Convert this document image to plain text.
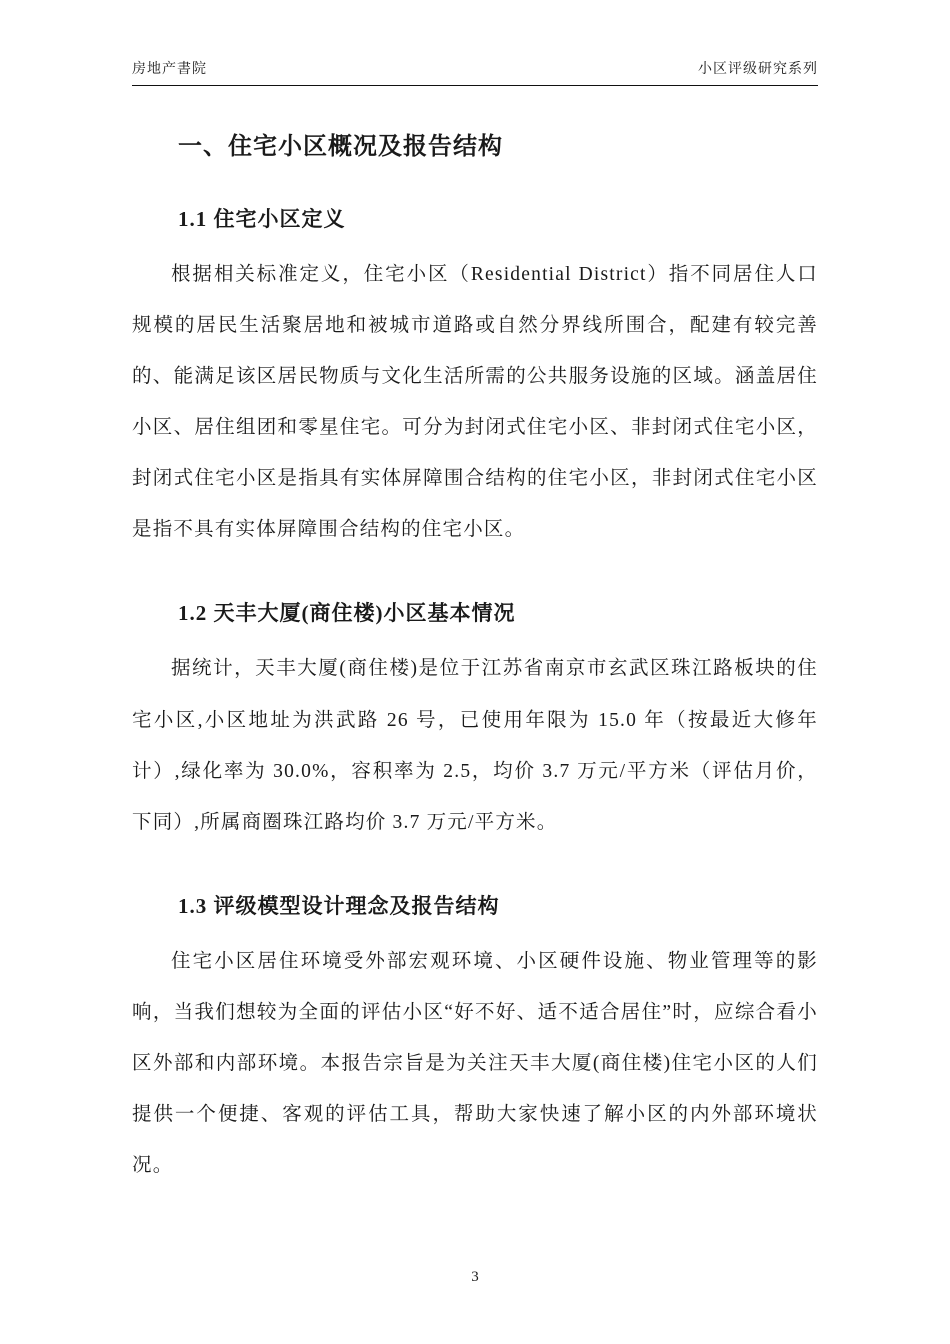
房地产書院	小区评级研究系列
一、住宅小区概况及报告结构
1.1 住宅小区定义

根据相关标准定义，住宅小区（Residential District）指不同居住人口规模的居民生活聚居地和被城市道路或自然分界线所围合，配建有较完善的、能满足该区居民物质与文化生活所需的公共服务设施的区域。涵盖居住小区、居住组团和零星住宅。可分为封闭式住宅小区、非封闭式住宅小区，封闭式住宅小区是指具有实体屏障围合结构的住宅小区，非封闭式住宅小区是指不具有实体屏障围合结构的住宅小区。

1.2 天丰大厦(商住楼)小区基本情况

据统计，天丰大厦(商住楼)是位于江苏省南京市玄武区珠江路板块的住宅小区,小区地址为洪武路 26 号，已使用年限为 15.0 年（按最近大修年计）,绿化率为 30.0%，容积率为 2.5，均价 3.7 万元/平方米（评估月价，下同）,所属商圈珠江路均价 3.7 万元/平方米。

1.3 评级模型设计理念及报告结构

住宅小区居住环境受外部宏观环境、小区硬件设施、物业管理等的影响，当我们想较为全面的评估小区“好不好、适不适合居住”时，应综合看小区外部和内部环境。本报告宗旨是为关注天丰大厦(商住楼)住宅小区的人们提供一个便捷、客观的评估工具，帮助大家快速了解小区的内外部环境状况。

3
